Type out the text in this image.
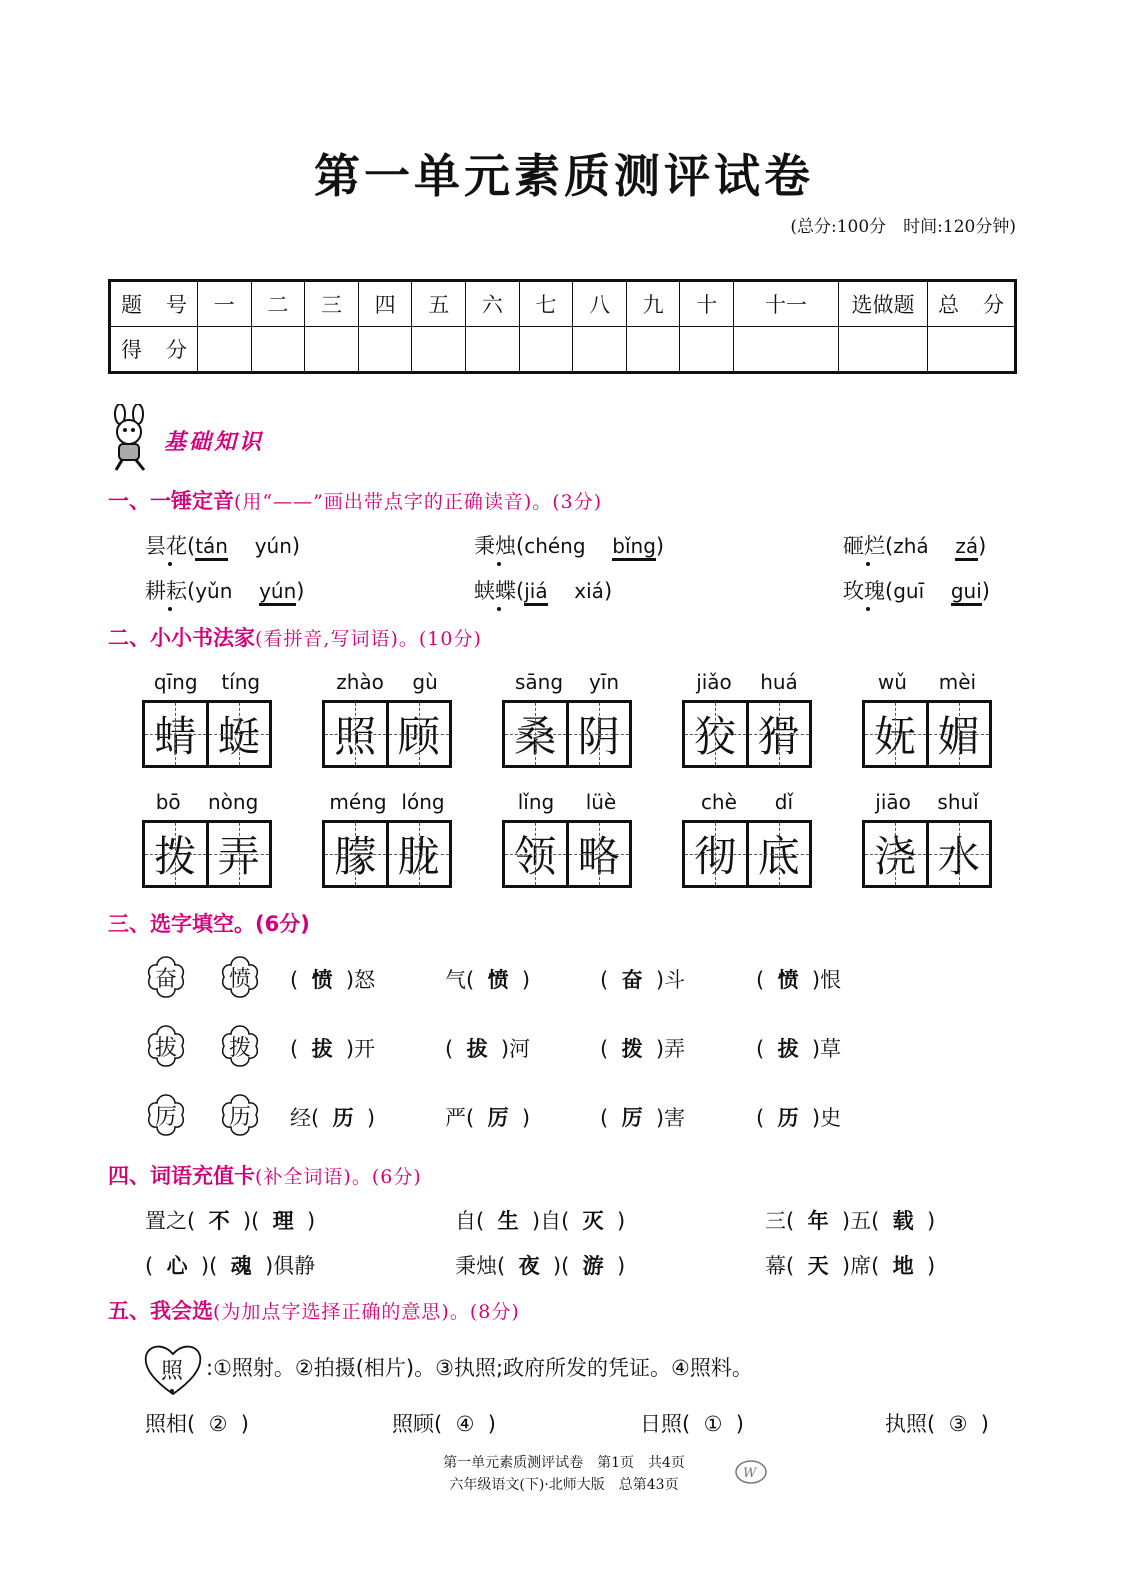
第一单元素质测评试卷
(总分:100分　时间:120分钟)
题 号	一	二	三	四	五	六	七	八	九	十	十一	选做题	总 分

得 分													

基础知识
一、一锤定音(用“——”画出带点字的正确读音)。(3分)
昙花(tán yún)	秉烛(chéng bǐng)	砸烂(zhá zá)
耕耘(yǔn yún)	蛱蝶(jiá xiá)	玫瑰(guī gui)
二、小小书法家(看拼音,写词语)。(10分)
qīng tíng
蜻 蜓
zhào gù
照 顾
sāng yīn
桑 阴
jiǎo huá
狡 猾
wǔ mèi
妩 媚
bō nòng
拨 弄
méng lóng
朦 胧
lǐng lüè
领 略
chè dǐ
彻 底
jiāo shuǐ
浇 水
三、选字填空。(6分)
奋 愤 ( 愤 )怒	气( 愤 )	( 奋 )斗	( 愤 )恨
拔 拨 ( 拔 )开	( 拔 )河	( 拨 )弄	( 拔 )草
厉 历 经( 历 )	严( 厉 )	( 厉 )害	( 历 )史
四、词语充值卡(补全词语)。(6分)
置之( 不 )( 理 )	自( 生 )自( 灭 )	三( 年 )五( 载 )
( 心 )( 魂 )俱静	秉烛( 夜 )( 游 )	幕( 天 )席( 地 )
五、我会选(为加点字选择正确的意思)。(8分)
照 :①照射。②拍摄(相片)。③执照;政府所发的凭证。④照料。
照相( ② )	照顾( ④ )	日照( ① )	执照( ③ )
第一单元素质测评试卷　第1页　共4页
六年级语文(下)·北师大版　总第43页
W
